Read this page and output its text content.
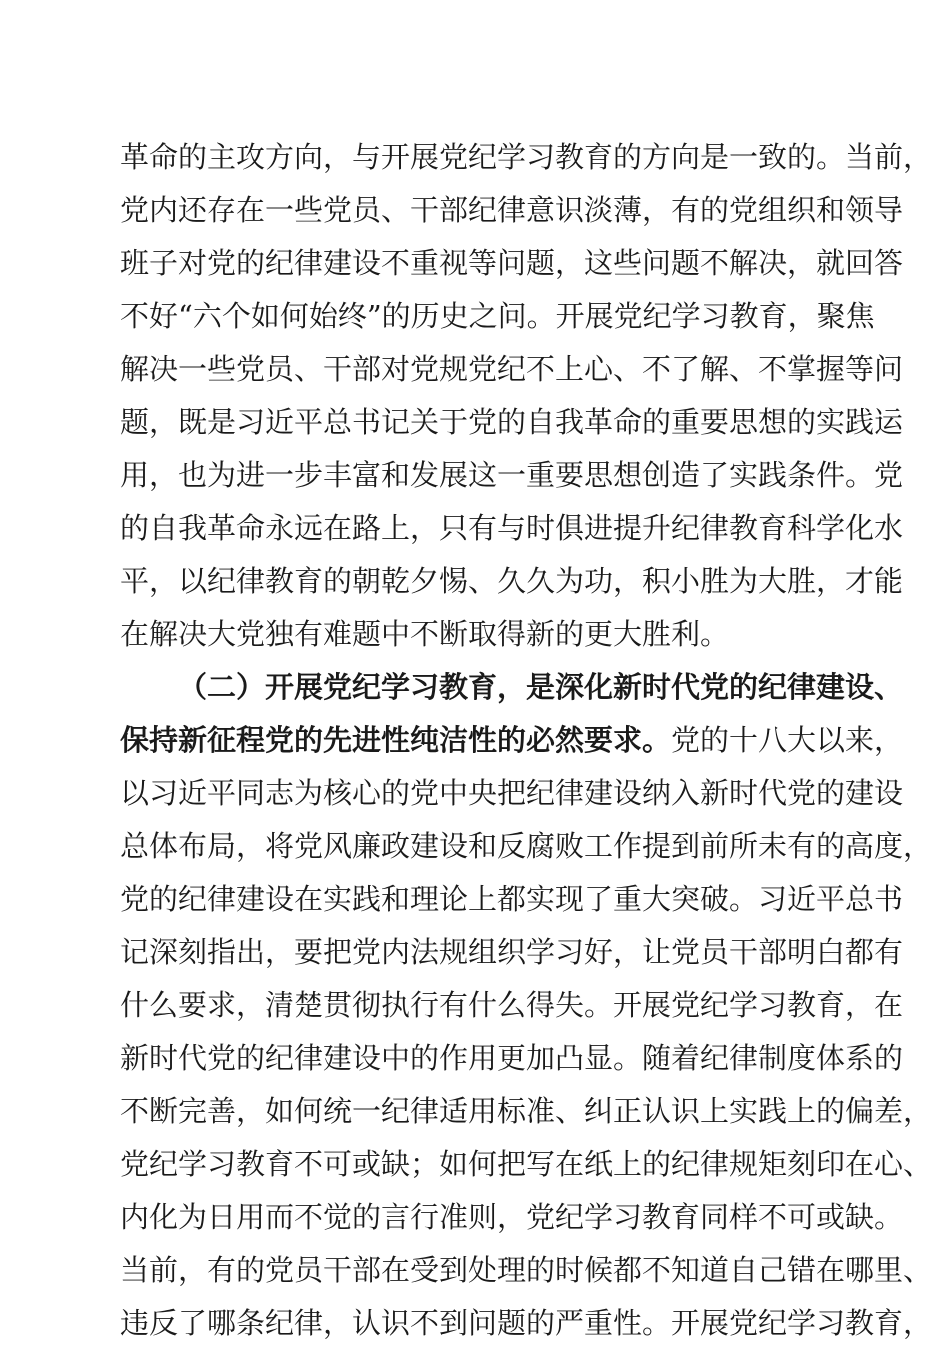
革命的主攻方向，与开展党纪学习教育的方向是一致的。当前，
党内还存在一些党员、干部纪律意识淡薄，有的党组织和领导
班子对党的纪律建设不重视等问题，这些问题不解决，就回答
不好“六个如何始终”的历史之问。开展党纪学习教育，聚焦
解决一些党员、干部对党规党纪不上心、不了解、不掌握等问
题，既是习近平总书记关于党的自我革命的重要思想的实践运
用，也为进一步丰富和发展这一重要思想创造了实践条件。党
的自我革命永远在路上，只有与时俱进提升纪律教育科学化水
平，以纪律教育的朝乾夕惕、久久为功，积小胜为大胜，才能
在解决大党独有难题中不断取得新的更大胜利。
（二）开展党纪学习教育，是深化新时代党的纪律建设、
保持新征程党的先进性纯洁性的必然要求。党的十八大以来，
以习近平同志为核心的党中央把纪律建设纳入新时代党的建设
总体布局，将党风廉政建设和反腐败工作提到前所未有的高度，
党的纪律建设在实践和理论上都实现了重大突破。习近平总书
记深刻指出，要把党内法规组织学习好，让党员干部明白都有
什么要求，清楚贯彻执行有什么得失。开展党纪学习教育，在
新时代党的纪律建设中的作用更加凸显。随着纪律制度体系的
不断完善，如何统一纪律适用标准、纠正认识上实践上的偏差，
党纪学习教育不可或缺；如何把写在纸上的纪律规矩刻印在心、
内化为日用而不觉的言行准则，党纪学习教育同样不可或缺。
当前，有的党员干部在受到处理的时候都不知道自己错在哪里、
违反了哪条纪律，认识不到问题的严重性。开展党纪学习教育，
